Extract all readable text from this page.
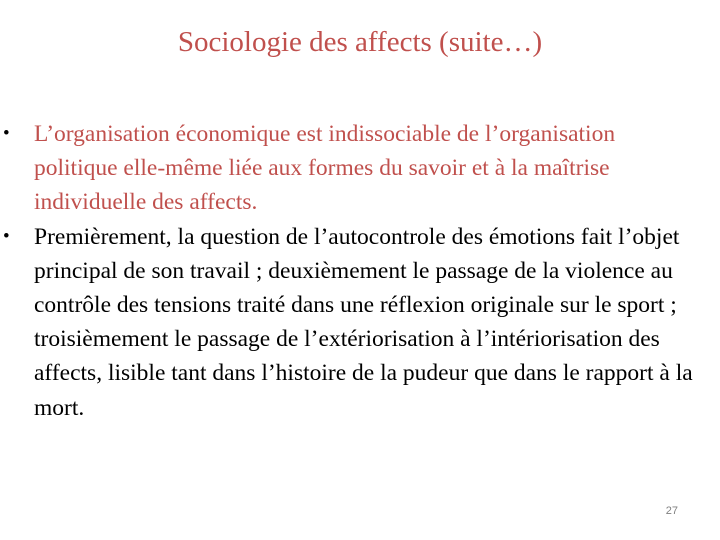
Sociologie des affects (suite…)
•	L’organisation économique est indissociable de l’organisation politique elle-même liée aux formes du savoir et à la maîtrise individuelle des affects.
•	Premièrement, la question de l’autocontrole des émotions fait l’objet principal de son travail ; deuxièmement le passage de la violence au contrôle des tensions traité dans une réflexion originale sur le sport ; troisièmement le passage de l’extériorisation à l’intériorisation des affects, lisible tant dans l’histoire de la pudeur que dans le rapport à la mort.
27
